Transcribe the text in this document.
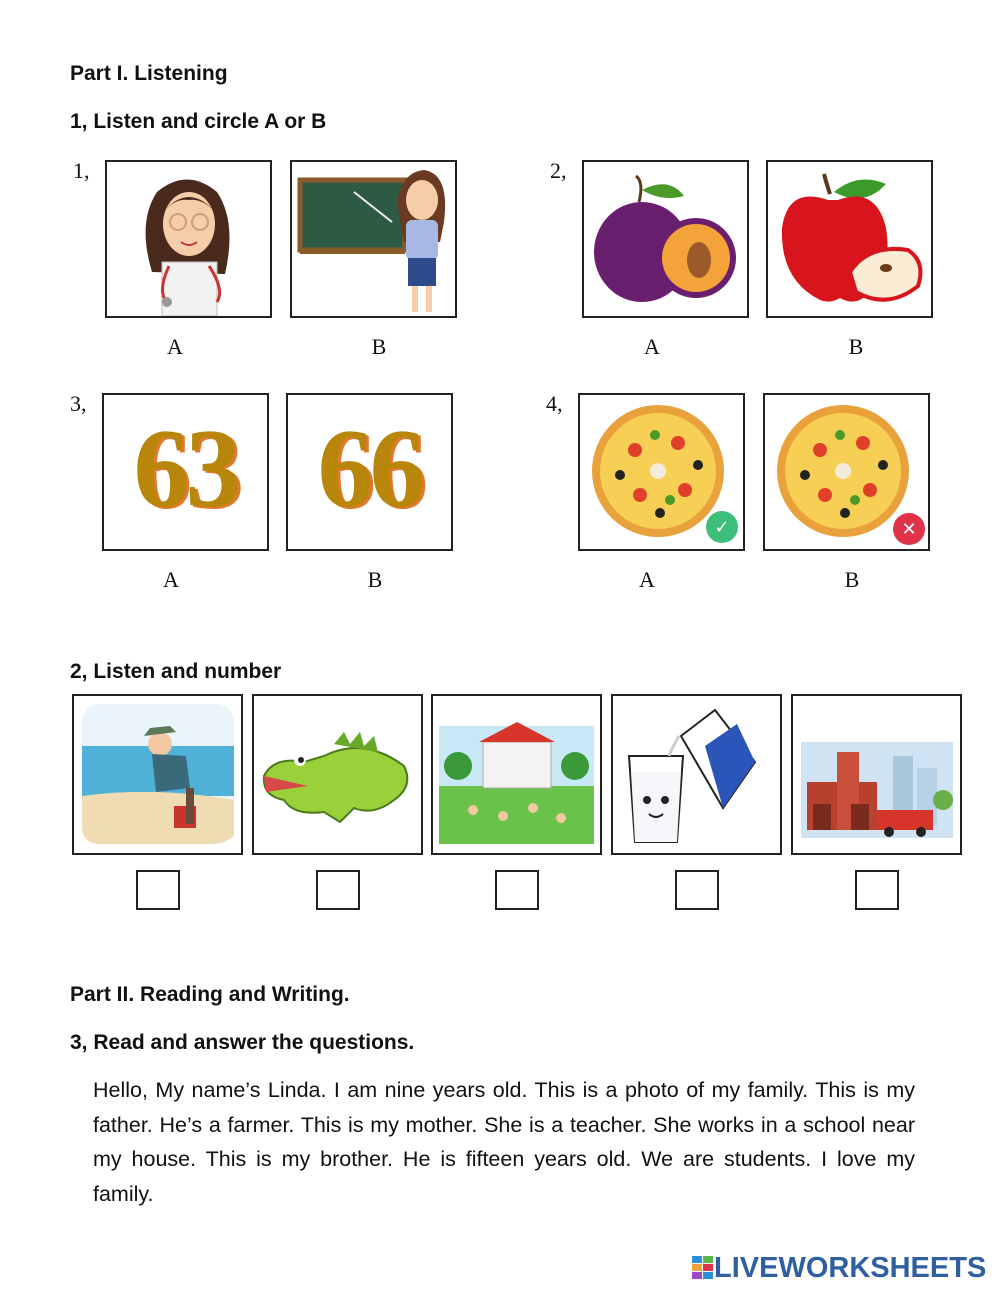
Part I. Listening
1, Listen and circle A or B
1,
A	B
2,
A	B
3,
63
A
66
B
4,
✓
A
✕
B
2, Listen and number
Part II. Reading and Writing.
3, Read and answer the questions.
Hello, My name’s Linda. I am nine years old. This is a photo of my family. This is my father. He’s a farmer. This is my mother. She is a teacher. She works in a school near my house. This is my brother. He is fifteen years old. We are students. I love my family.
LIVEWORKSHEETS
